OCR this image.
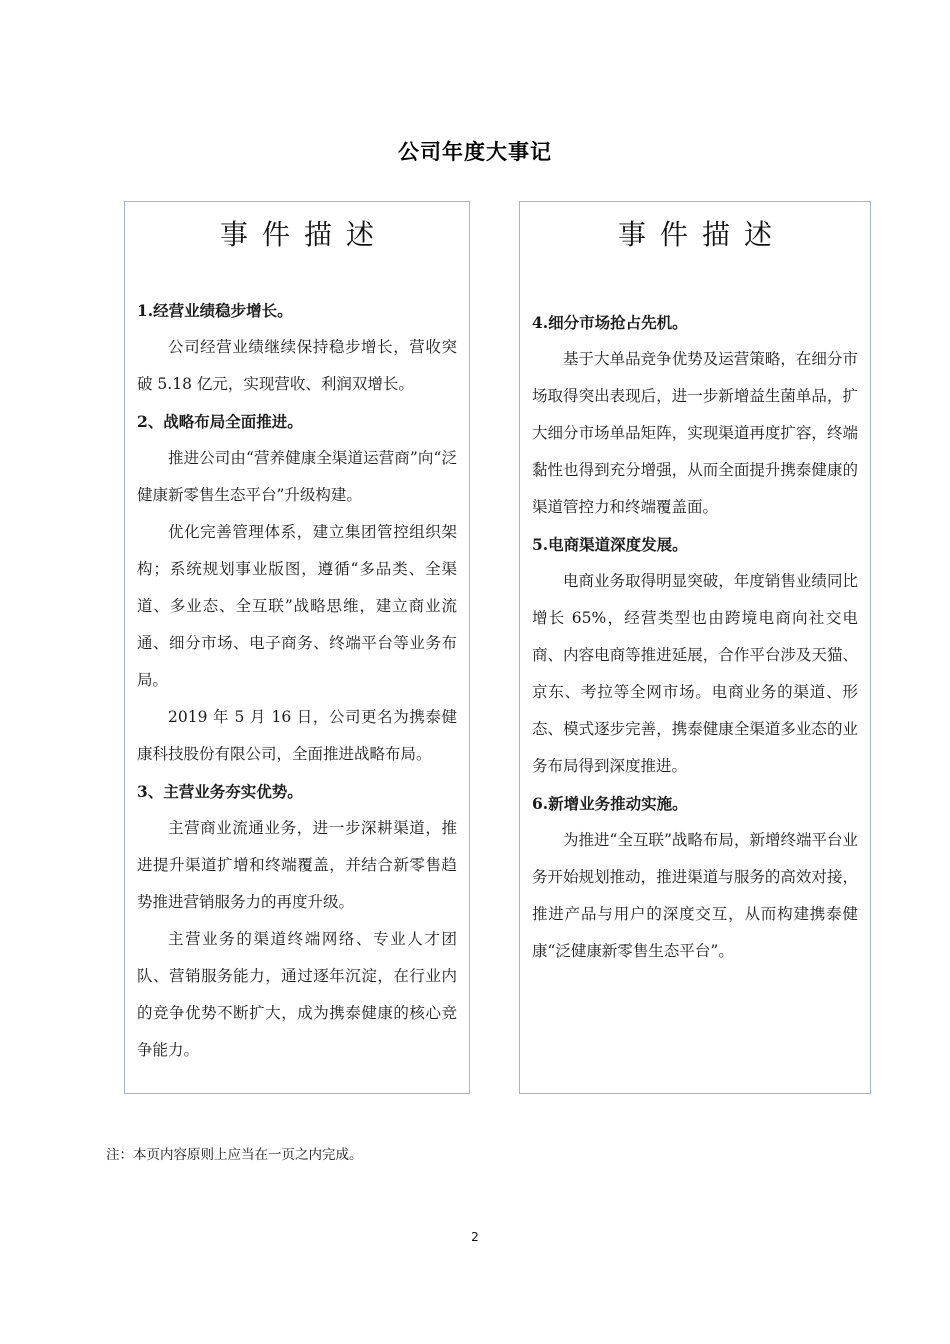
公司年度大事记
事件描述
1.经营业绩稳步增长。

公司经营业绩继续保持稳步增长，营收突破 5.18 亿元，实现营收、利润双增长。

2、战略布局全面推进。

推进公司由“营养健康全渠道运营商”向“泛健康新零售生态平台”升级构建。

优化完善管理体系，建立集团管控组织架构；系统规划事业版图，遵循“多品类、全渠道、多业态、全互联”战略思维，建立商业流通、细分市场、电子商务、终端平台等业务布局。

2019 年 5 月 16 日，公司更名为携泰健康科技股份有限公司，全面推进战略布局。

3、主营业务夯实优势。

主营商业流通业务，进一步深耕渠道，推进提升渠道扩增和终端覆盖，并结合新零售趋势推进营销服务力的再度升级。

主营业务的渠道终端网络、专业人才团队、营销服务能力，通过逐年沉淀，在行业内的竞争优势不断扩大，成为携泰健康的核心竞争能力。

事件描述
4.细分市场抢占先机。

基于大单品竞争优势及运营策略，在细分市场取得突出表现后，进一步新增益生菌单品，扩大细分市场单品矩阵，实现渠道再度扩容，终端黏性也得到充分增强，从而全面提升携泰健康的渠道管控力和终端覆盖面。

5.电商渠道深度发展。

电商业务取得明显突破，年度销售业绩同比增长 65%，经营类型也由跨境电商向社交电商、内容电商等推进延展，合作平台涉及天猫、京东、考拉等全网市场。电商业务的渠道、形态、模式逐步完善，携泰健康全渠道多业态的业务布局得到深度推进。

6.新增业务推动实施。

为推进“全互联”战略布局，新增终端平台业务开始规划推动，推进渠道与服务的高效对接，推进产品与用户的深度交互，从而构建携泰健康“泛健康新零售生态平台”。

注：本页内容原则上应当在一页之内完成。
2
